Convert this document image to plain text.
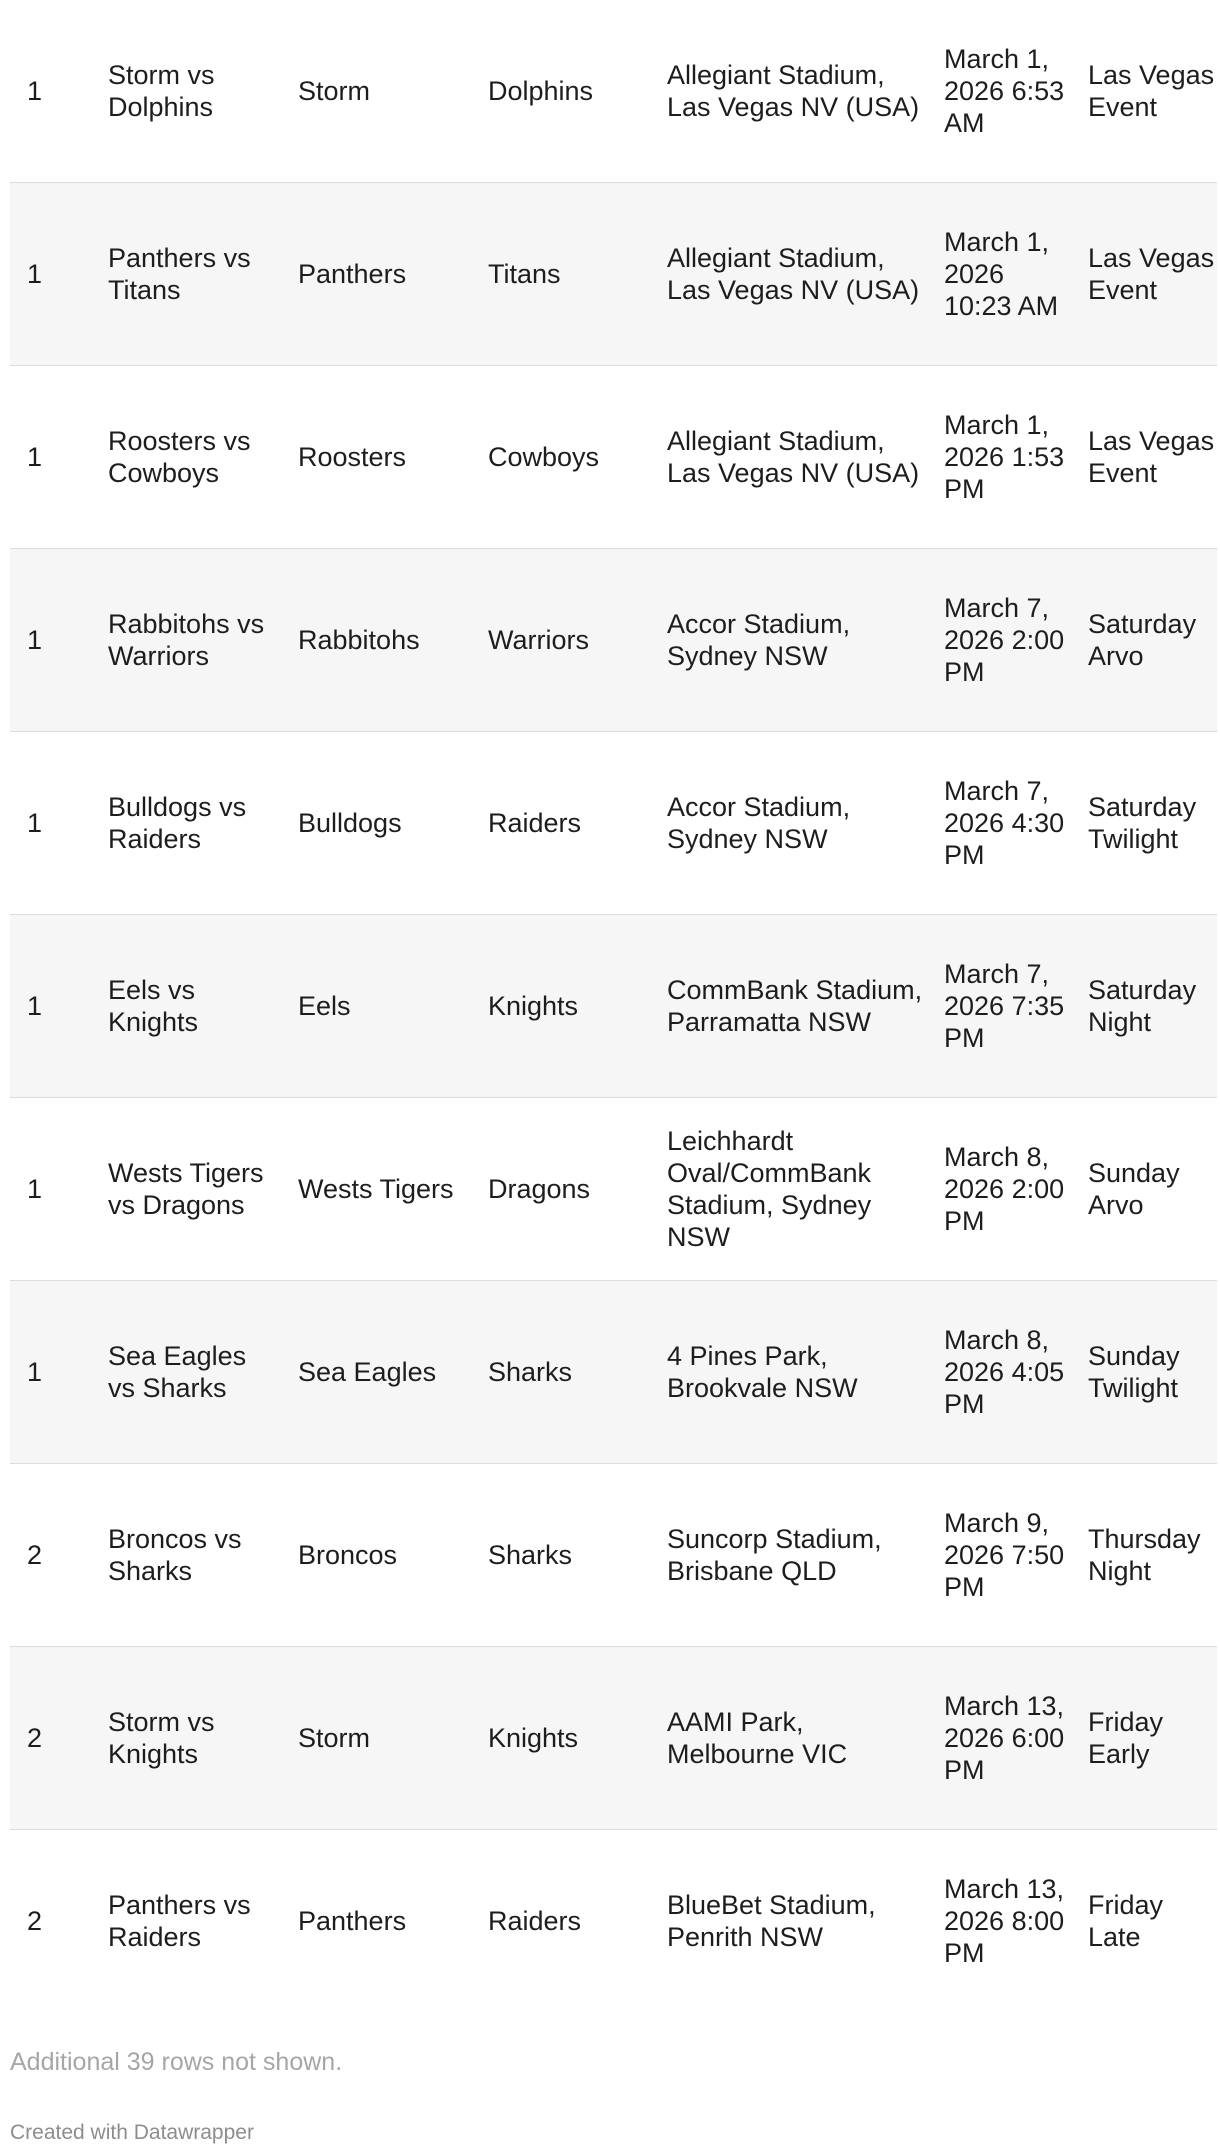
1	Storm vs Dolphins	Storm	Dolphins	Allegiant Stadium, Las Vegas NV (USA)	March 1, 2026 6:53 AM	Las Vegas Event

1	Panthers vs Titans	Panthers	Titans	Allegiant Stadium, Las Vegas NV (USA)	March 1, 2026 10:23 AM	Las Vegas Event

1	Roosters vs Cowboys	Roosters	Cowboys	Allegiant Stadium, Las Vegas NV (USA)	March 1, 2026 1:53 PM	Las Vegas Event

1	Rabbitohs vs Warriors	Rabbitohs	Warriors	Accor Stadium, Sydney NSW	March 7, 2026 2:00 PM	Saturday Arvo

1	Bulldogs vs Raiders	Bulldogs	Raiders	Accor Stadium, Sydney NSW	March 7, 2026 4:30 PM	Saturday Twilight

1	Eels vs Knights	Eels	Knights	CommBank Stadium, Parramatta NSW	March 7, 2026 7:35 PM	Saturday Night

1	Wests Tigers vs Dragons	Wests Tigers	Dragons	Leichhardt Oval/CommBank Stadium, Sydney NSW	March 8, 2026 2:00 PM	Sunday Arvo

1	Sea Eagles vs Sharks	Sea Eagles	Sharks	4 Pines Park, Brookvale NSW	March 8, 2026 4:05 PM	Sunday Twilight

2	Broncos vs Sharks	Broncos	Sharks	Suncorp Stadium, Brisbane QLD	March 9, 2026 7:50 PM	Thursday Night

2	Storm vs Knights	Storm	Knights	AAMI Park, Melbourne VIC	March 13, 2026 6:00 PM	Friday Early

2	Panthers vs Raiders	Panthers	Raiders	BlueBet Stadium, Penrith NSW	March 13, 2026 8:00 PM	Friday Late
Additional 39 rows not shown.
Created with Datawrapper
